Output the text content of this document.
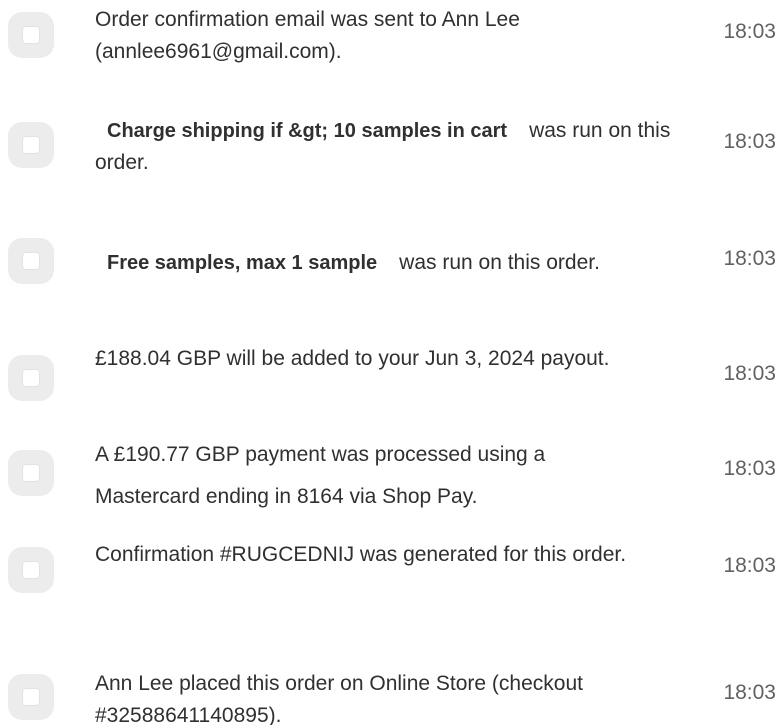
Order confirmation email was sent to Ann Lee (annlee6961@gmail.com).
18:03
Charge shipping if &gt; 10 samples in cart was run on this order.
18:03
Free samples, max 1 sample was run on this order.	18:03
£188.04 GBP will be added to your Jun 3, 2024 payout.
18:03
A £190.77 GBP payment was processed using a Mastercard ending in 8164 via Shop Pay.
18:03
Confirmation #RUGCEDNIJ was generated for this order.	18:03
Ann Lee placed this order on Online Store (checkout #32588641140895).
18:03
